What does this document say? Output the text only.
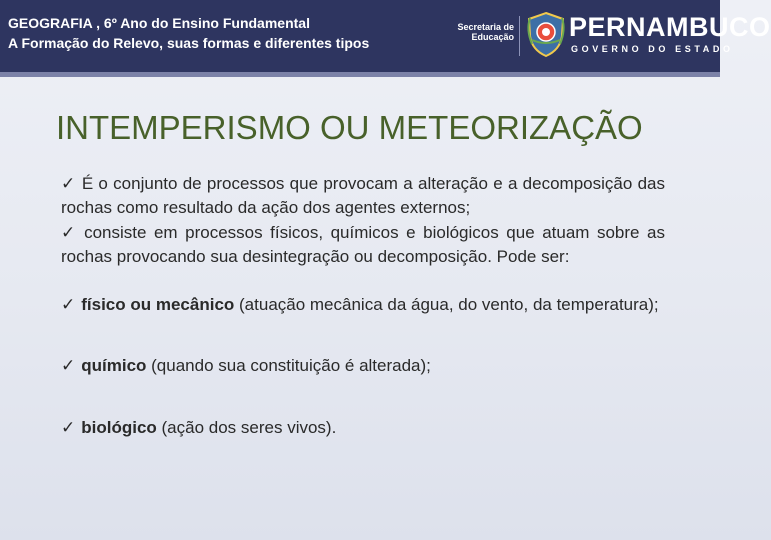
GEOGRAFIA , 6º Ano do Ensino Fundamental
A Formação do Relevo, suas formas e diferentes tipos
Secretaria de
Educação PERNAMBUCO
GOVERNO DO ESTADO
INTEMPERISMO OU METEORIZAÇÃO

✓ É o conjunto de processos que provocam a alteração e a decomposição das rochas como resultado da ação dos agentes externos;

✓ consiste em processos físicos, químicos e biológicos que atuam sobre as rochas provocando sua desintegração ou decomposição. Pode ser:

✓ físico ou mecânico (atuação mecânica da água, do vento, da temperatura);

✓ químico (quando sua constituição é alterada);

✓ biológico (ação dos seres vivos).
